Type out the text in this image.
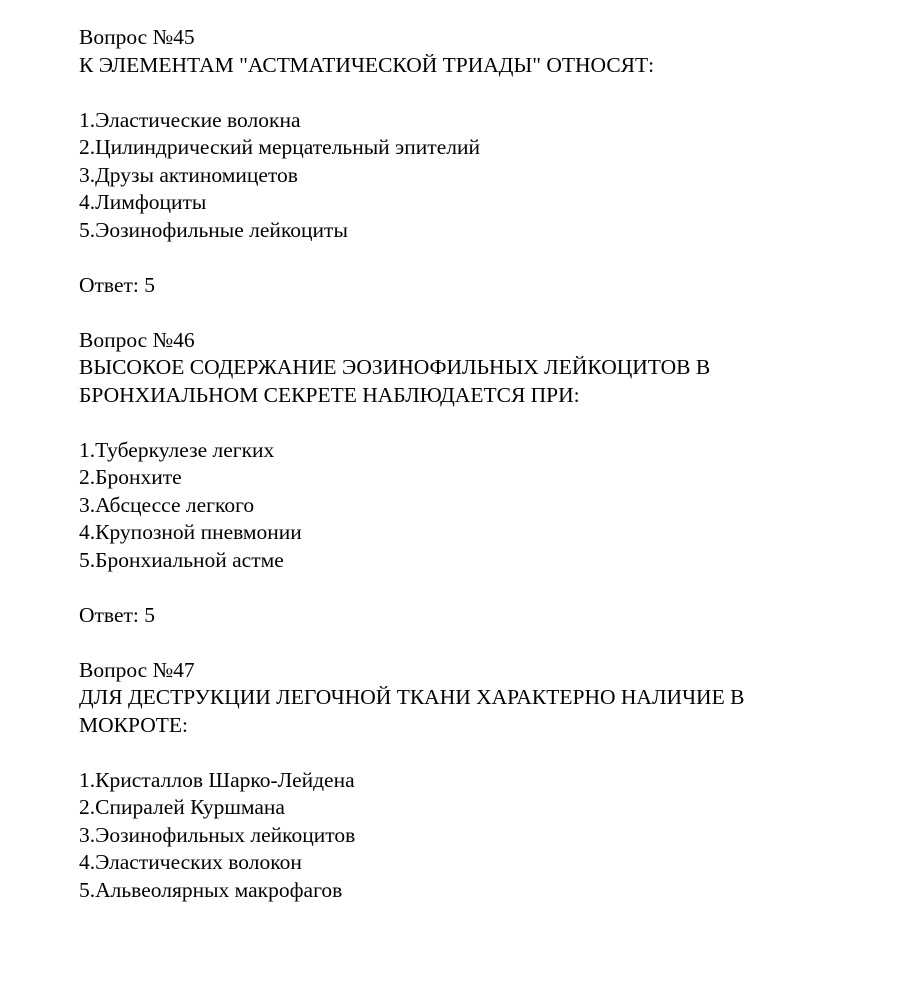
Вопрос №45
К ЭЛЕМЕНТАМ "АСТМАТИЧЕСКОЙ ТРИАДЫ" ОТНОСЯТ:
1.Эластические волокна
2.Цилиндрический мерцательный эпителий
3.Друзы актиномицетов
4.Лимфоциты
5.Эозинофильные лейкоциты
Ответ: 5
Вопрос №46
ВЫСОКОЕ СОДЕРЖАНИЕ ЭОЗИНОФИЛЬНЫХ ЛЕЙКОЦИТОВ В
БРОНХИАЛЬНОМ СЕКРЕТЕ НАБЛЮДАЕТСЯ ПРИ:
1.Туберкулезе легких
2.Бронхите
3.Абсцессе легкого
4.Крупозной пневмонии
5.Бронхиальной астме
Ответ: 5
Вопрос №47
ДЛЯ ДЕСТРУКЦИИ ЛЕГОЧНОЙ ТКАНИ ХАРАКТЕРНО НАЛИЧИЕ В
МОКРОТЕ:
1.Кристаллов Шарко-Лейдена
2.Спиралей Куршмана
3.Эозинофильных лейкоцитов
4.Эластических волокон
5.Альвеолярных макрофагов
